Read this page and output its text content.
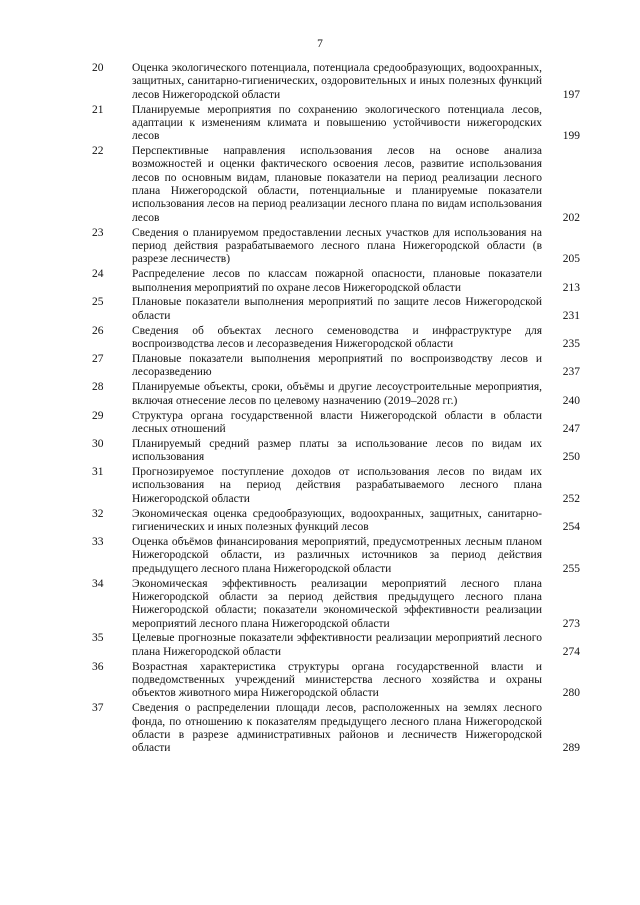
7
20	Оценка экологического потенциала, потенциала средообразующих, водоохранных, защитных, санитарно-гигиенических, оздоровительных и иных полезных функций лесов Нижегородской области	197
21	Планируемые мероприятия по сохранению экологического потенциала лесов, адаптации к изменениям климата и повышению устойчивости нижегородских лесов	199
22	Перспективные направления использования лесов на основе анализа возможностей и оценки фактического освоения лесов, развитие использования лесов по основным видам, плановые показатели на период реализации лесного плана Нижегородской области, потенциальные и планируемые показатели использования лесов на период реализации лесного плана по видам использования лесов	202
23	Сведения о планируемом предоставлении лесных участков для использования на период действия разрабатываемого лесного плана Нижегородской области (в разрезе лесничеств)	205
24	Распределение лесов по классам пожарной опасности, плановые показатели выполнения мероприятий по охране лесов Нижегородской области	213
25	Плановые показатели выполнения мероприятий по защите лесов Нижегородской области	231
26	Сведения об объектах лесного семеноводства и инфраструктуре для воспроизводства лесов и лесоразведения Нижегородской области	235
27	Плановые показатели выполнения мероприятий по воспроизводству лесов и лесоразведению	237
28	Планируемые объекты, сроки, объёмы и другие лесоустроительные мероприятия, включая отнесение лесов по целевому назначению (2019–2028 гг.)	240
29	Структура органа государственной власти Нижегородской области в области лесных отношений	247
30	Планируемый средний размер платы за использование лесов по видам их использования	250
31	Прогнозируемое поступление доходов от использования лесов по видам их использования на период действия разрабатываемого лесного плана Нижегородской области	252
32	Экономическая оценка средообразующих, водоохранных, защитных, санитарно-гигиенических и иных полезных функций лесов	254
33	Оценка объёмов финансирования мероприятий, предусмотренных лесным планом Нижегородской области, из различных источников за период действия предыдущего лесного плана Нижегородской области	255
34	Экономическая эффективность реализации мероприятий лесного плана Нижегородской области за период действия предыдущего лесного плана Нижегородской области; показатели экономической эффективности реализации мероприятий лесного плана Нижегородской области	273
35	Целевые прогнозные показатели эффективности реализации мероприятий лесного плана Нижегородской области	274
36	Возрастная характеристика структуры органа государственной власти и подведомственных учреждений министерства лесного хозяйства и охраны объектов животного мира Нижегородской области	280
37	Сведения о распределении площади лесов, расположенных на землях лесного фонда, по отношению к показателям предыдущего лесного плана Нижегородской области в разрезе административных районов и лесничеств Нижегородской области	289
